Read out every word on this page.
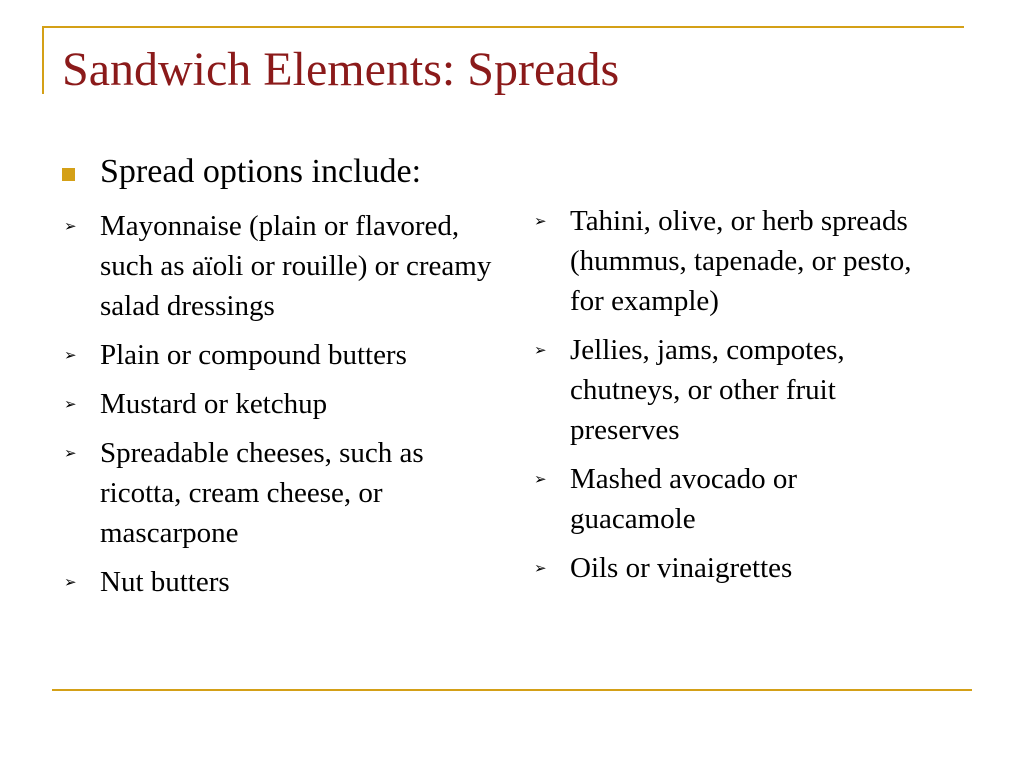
Sandwich Elements: Spreads
Spread options include:
➢ Mayonnaise (plain or flavored, such as aïoli or rouille) or creamy salad dressings
➢ Plain or compound butters
➢ Mustard or ketchup
➢ Spreadable cheeses, such as ricotta, cream cheese, or mascarpone
➢ Nut butters
➢ Tahini, olive, or herb spreads (hummus, tapenade, or pesto, for example)
➢ Jellies, jams, compotes, chutneys, or other fruit preserves
➢ Mashed avocado or guacamole
➢ Oils or vinaigrettes
